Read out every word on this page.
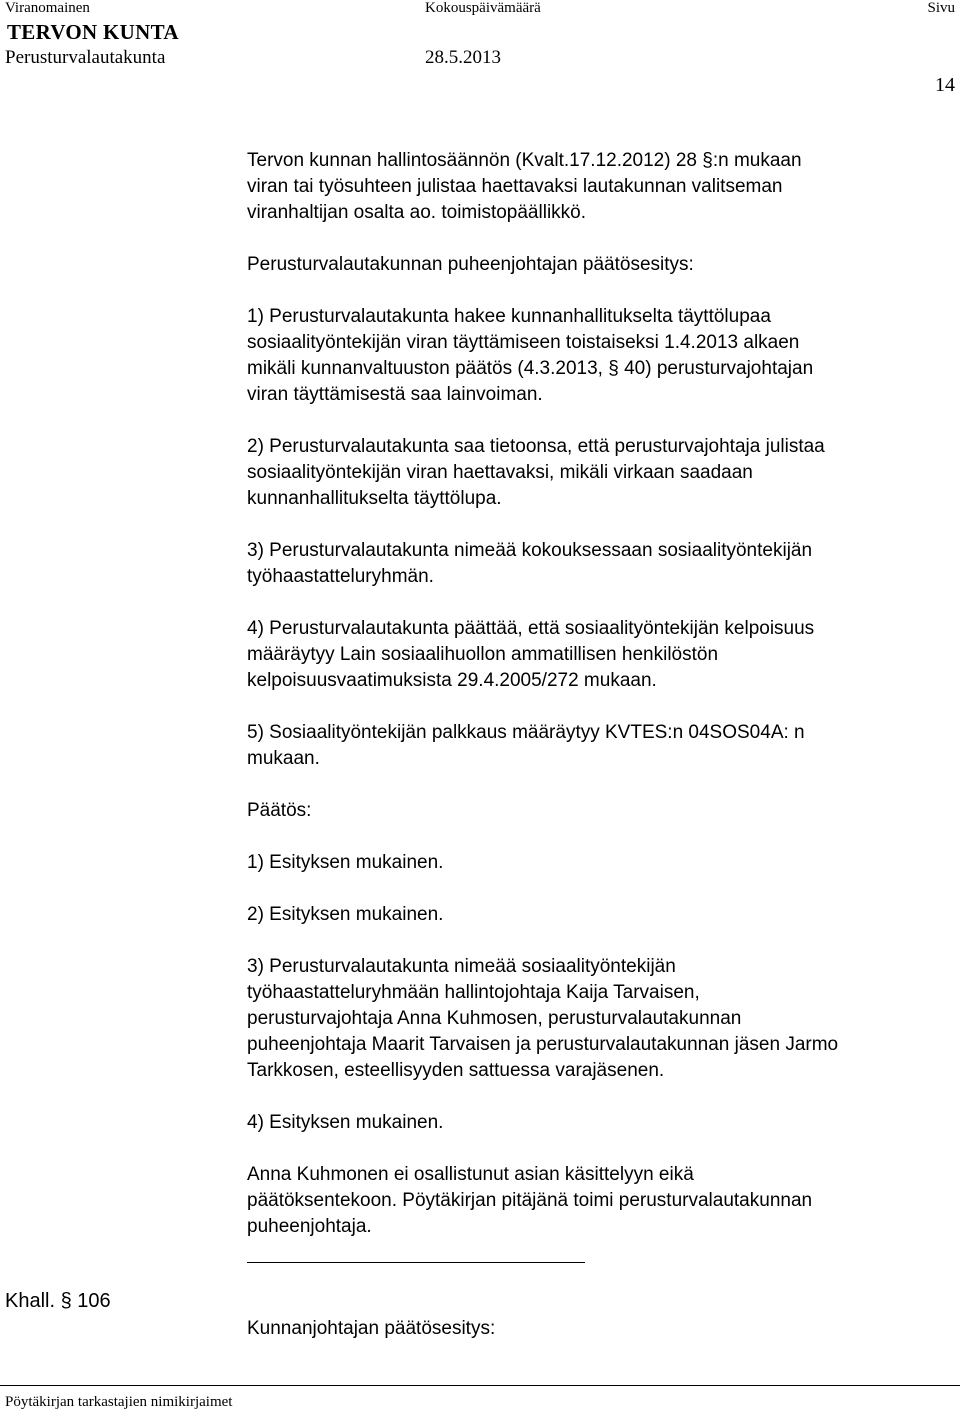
Viranomainen	Kokouspäivämäärä	Sivu
TERVON KUNTA
Perusturvalautakunta	28.5.2013
14

Tervon kunnan hallintosäännön (Kvalt.17.12.2012) 28 §:n mukaan
viran tai työsuhteen julistaa haettavaksi lautakunnan valitseman
viranhaltijan osalta ao. toimistopäällikkö.

Perusturvalautakunnan puheenjohtajan päätösesitys:

1) Perusturvalautakunta hakee kunnanhallitukselta täyttölupaa
sosiaalityöntekijän viran täyttämiseen toistaiseksi 1.4.2013 alkaen
mikäli kunnanvaltuuston päätös (4.3.2013, § 40) perusturvajohtajan
viran täyttämisestä saa lainvoiman.

2) Perusturvalautakunta saa tietoonsa, että perusturvajohtaja julistaa
sosiaalityöntekijän viran haettavaksi, mikäli virkaan saadaan
kunnanhallitukselta täyttölupa.

3) Perusturvalautakunta nimeää kokouksessaan sosiaalityöntekijän
työhaastatteluryhmän.

4) Perusturvalautakunta päättää, että sosiaalityöntekijän kelpoisuus
määräytyy Lain sosiaalihuollon ammatillisen henkilöstön
kelpoisuusvaatimuksista 29.4.2005/272 mukaan.

5) Sosiaalityöntekijän palkkaus määräytyy KVTES:n 04SOS04A: n
mukaan.

Päätös:

1) Esityksen mukainen.

2) Esityksen mukainen.

3) Perusturvalautakunta nimeää sosiaalityöntekijän
työhaastatteluryhmään hallintojohtaja Kaija Tarvaisen,
perusturvajohtaja Anna Kuhmosen, perusturvalautakunnan
puheenjohtaja Maarit Tarvaisen ja perusturvalautakunnan jäsen Jarmo
Tarkkosen, esteellisyyden sattuessa varajäsenen.

4) Esityksen mukainen.

Anna Kuhmonen ei osallistunut asian käsittelyyn eikä
päätöksentekoon. Pöytäkirjan pitäjänä toimi perusturvalautakunnan
puheenjohtaja.

Khall. § 106
Kunnanjohtajan päätösesitys:
Pöytäkirjan tarkastajien nimikirjaimet
